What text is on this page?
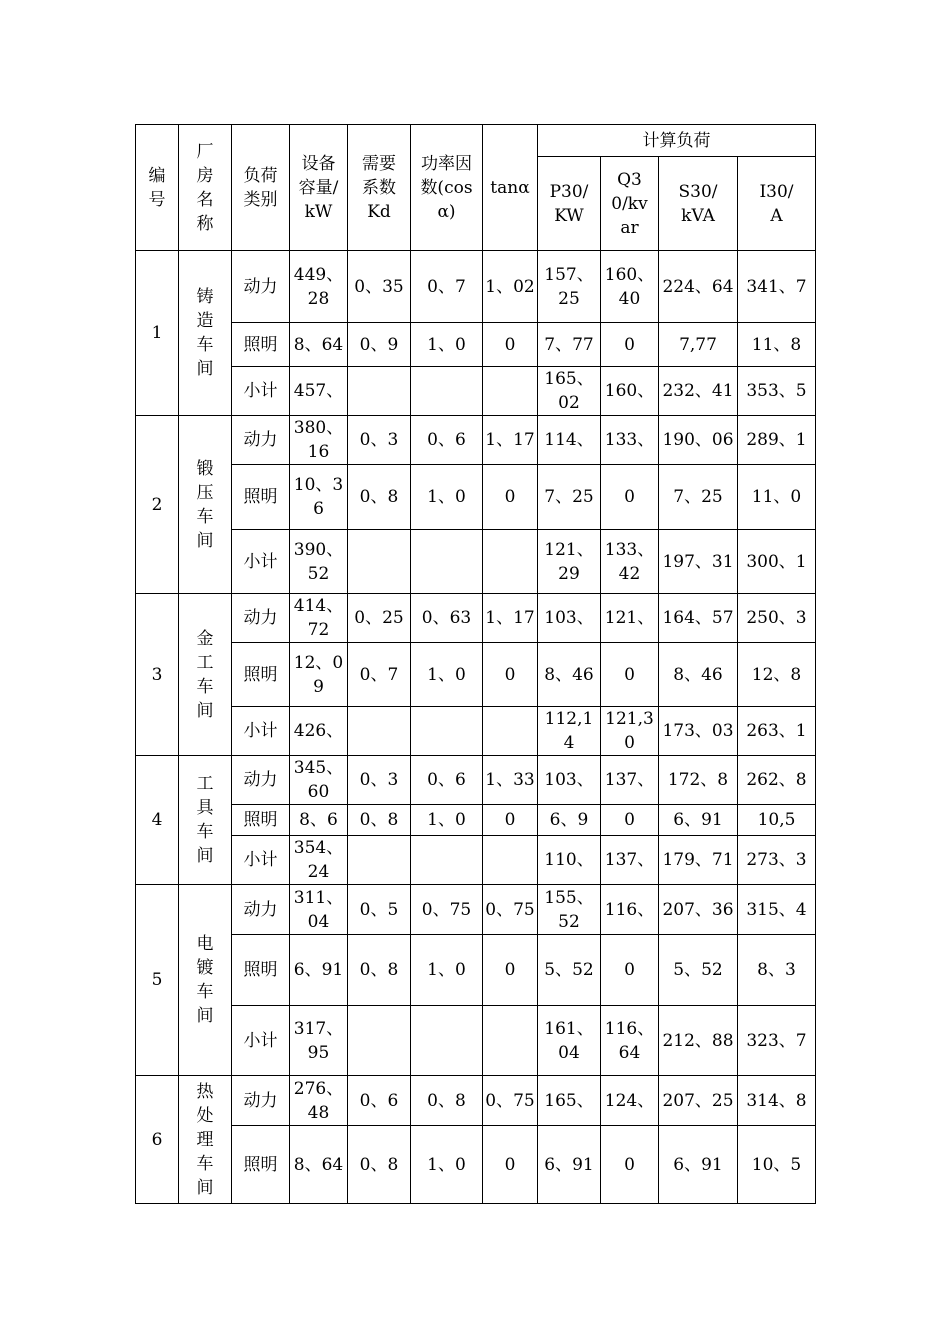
编号	厂房名称	负荷类别	设备容量/kW	需要系数Kd	功率因数(cosα)	tanα	计算负荷			

							P30/KW	Q30/kvar	S30/kVA	I30/A

1	铸造车间	动力	449、28	0、35	0、7	1、02	157、25	160、40	224、64	341、7
		照明	8、64	0、9	1、0	0	7、77	0	7,77	11、8
		小计	457、				165、02	160、	232、41	353、5
2	锻压车间	动力	380、16	0、3	0、6	1、17	114、	133、	190、06	289、1
		照明	10、36	0、8	1、0	0	7、25	0	7、25	11、0
		小计	390、52				121、29	133、42	197、31	300、1
3	金工车间	动力	414、72	0、25	0、63	1、17	103、	121、	164、57	250、3
		照明	12、09	0、7	1、0	0	8、46	0	8、46	12、8
		小计	426、				112,14	121,30	173、03	263、1
4	工具车间	动力	345、60	0、3	0、6	1、33	103、	137、	172、8	262、8
		照明	8、6	0、8	1、0	0	6、9	0	6、91	10,5
		小计	354、24				110、	137、	179、71	273、3
5	电镀车间	动力	311、04	0、5	0、75	0、75	155、52	116、	207、36	315、4
		照明	6、91	0、8	1、0	0	5、52	0	5、52	8、3
		小计	317、95				161、04	116、64	212、88	323、7
6	热处理车间	动力	276、48	0、6	0、8	0、75	165、	124、	207、25	314、8
		照明	8、64	0、8	1、0	0	6、91	0	6、91	10、5
